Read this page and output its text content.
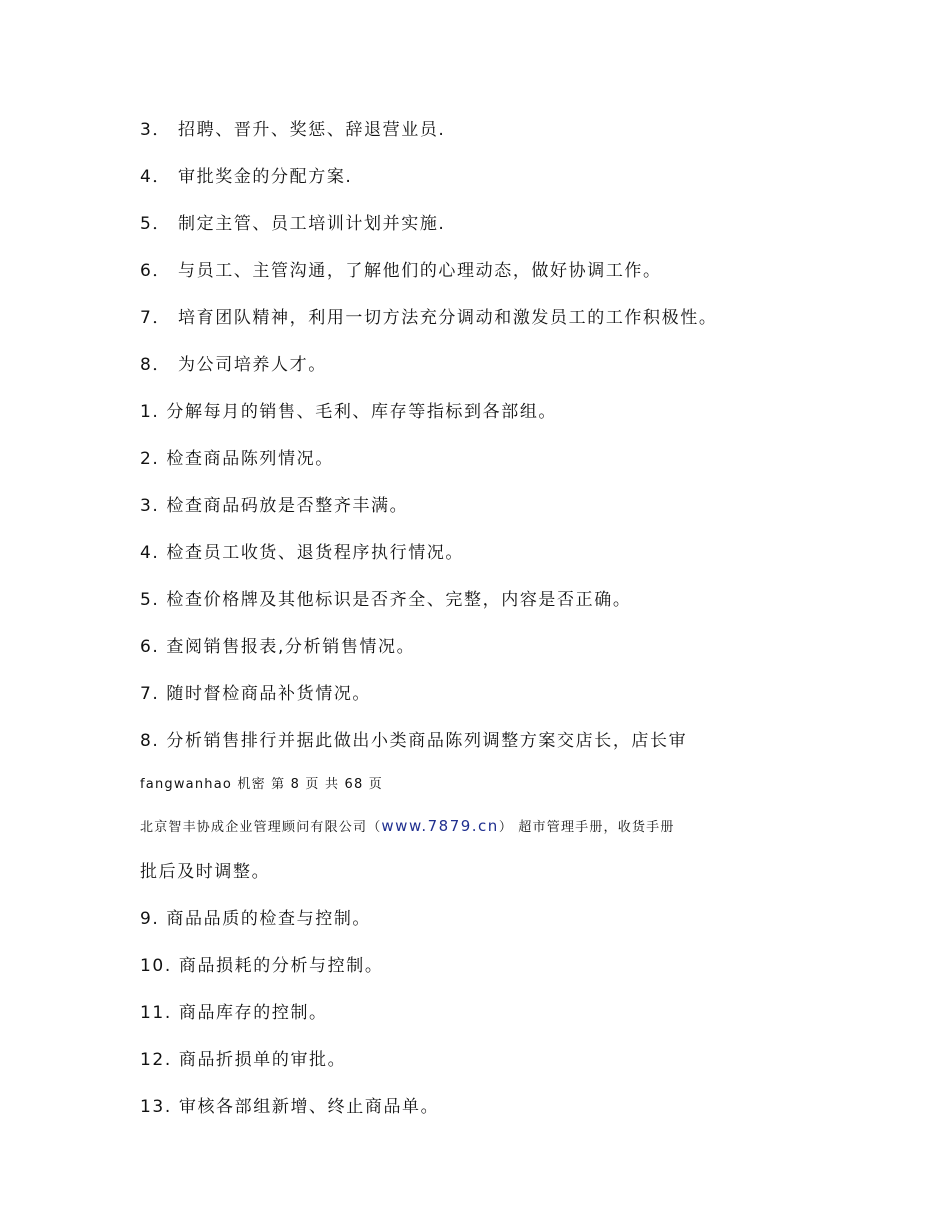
3． 招聘、晋升、奖惩、辞退营业员.
4． 审批奖金的分配方案.
5． 制定主管、员工培训计划并实施.
6． 与员工、主管沟通，了解他们的心理动态，做好协调工作。
7． 培育团队精神，利用一切方法充分调动和激发员工的工作积极性。
8． 为公司培养人才。
1. 分解每月的销售、毛利、库存等指标到各部组。
2. 检查商品陈列情况。
3. 检查商品码放是否整齐丰满。
4. 检查员工收货、退货程序执行情况。
5. 检查价格牌及其他标识是否齐全、完整，内容是否正确。
6. 查阅销售报表,分析销售情况。
7. 随时督检商品补货情况。
8. 分析销售排行并据此做出小类商品陈列调整方案交店长，店长审
fangwanhao 机密 第 8 页 共 68 页
北京智丰协成企业管理顾问有限公司（www.7879.cn） 超市管理手册，收货手册
批后及时调整。
9. 商品品质的检查与控制。
10. 商品损耗的分析与控制。
11. 商品库存的控制。
12. 商品折损单的审批。
13. 审核各部组新增、终止商品单。
